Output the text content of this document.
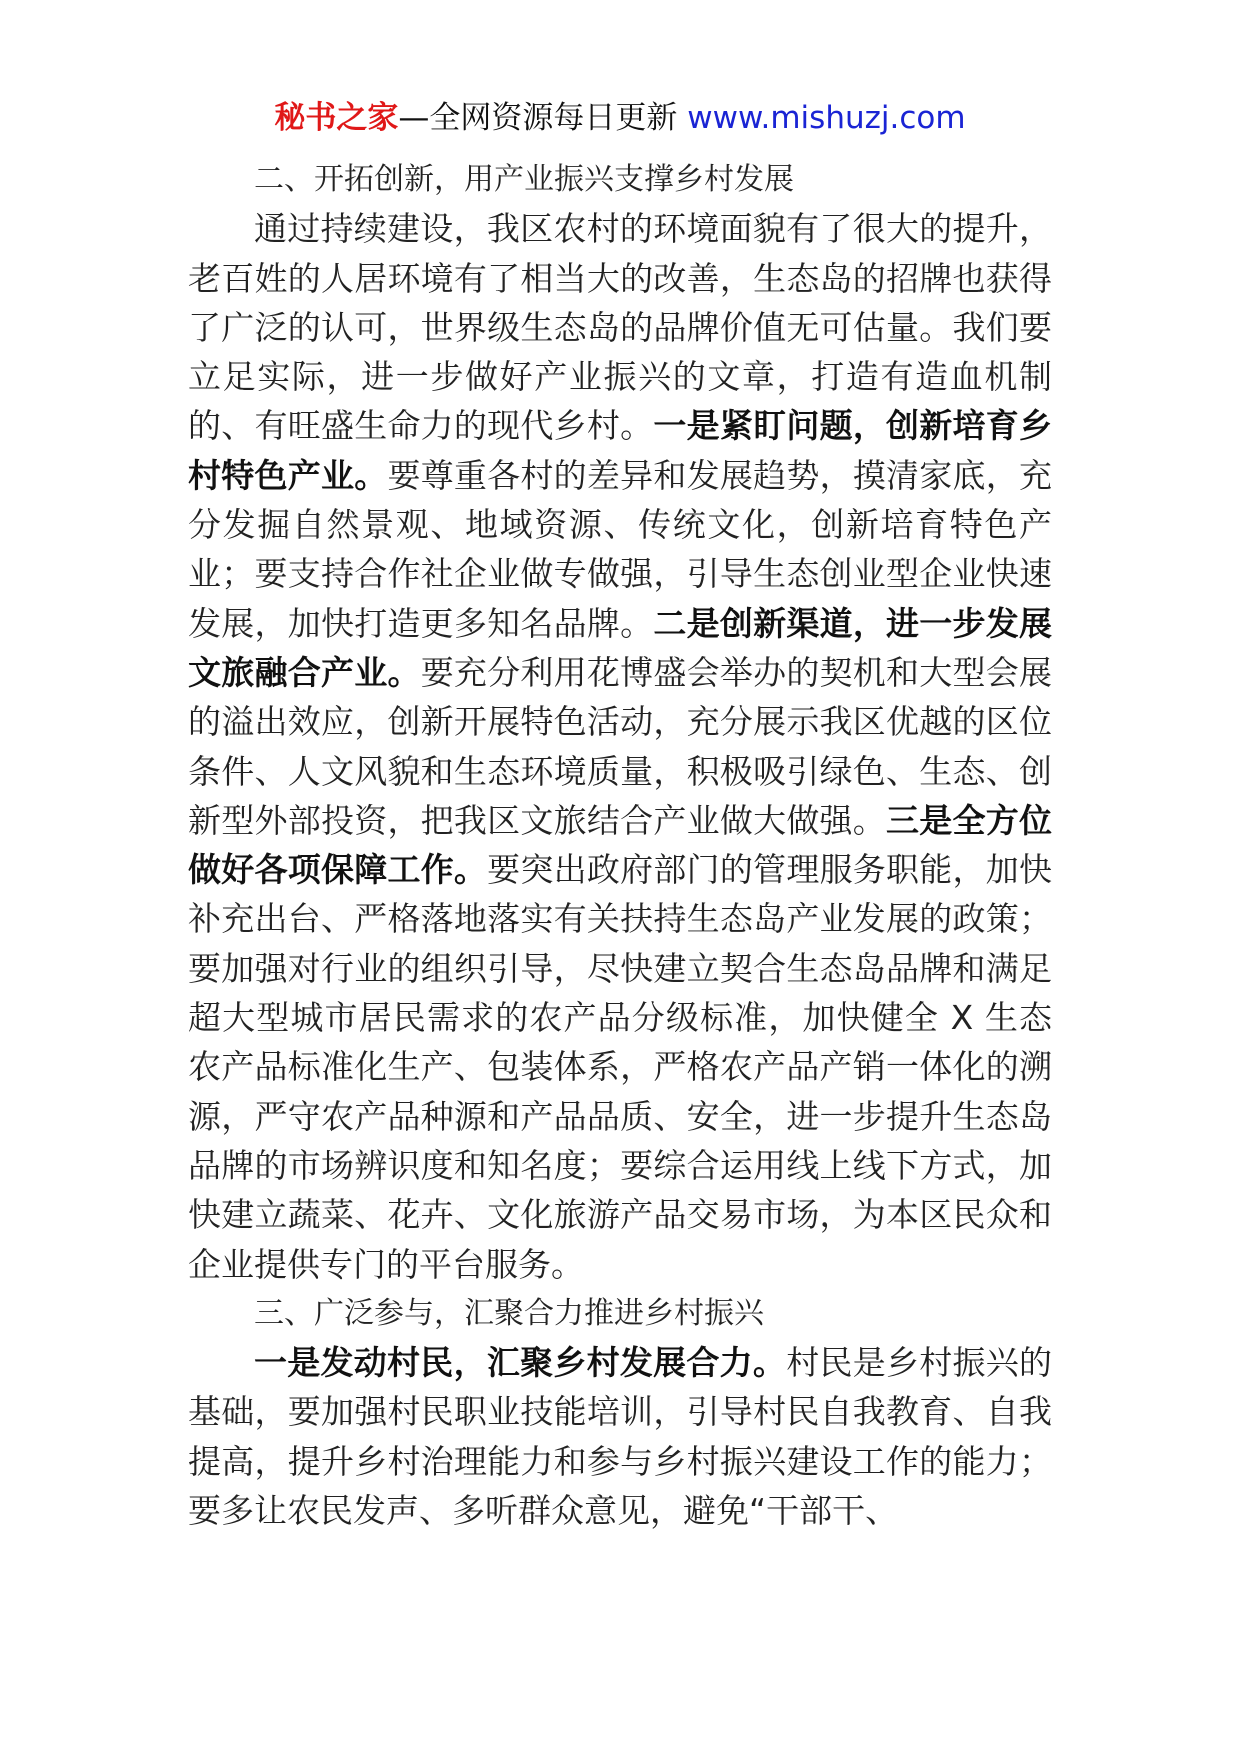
秘书之家—全网资源每日更新 www.mishuzj.com

二、开拓创新，用产业振兴支撑乡村发展

通过持续建设，我区农村的环境面貌有了很大的提升，老百姓的人居环境有了相当大的改善，生态岛的招牌也获得了广泛的认可，世界级生态岛的品牌价值无可估量。我们要立足实际，进一步做好产业振兴的文章，打造有造血机制的、有旺盛生命力的现代乡村。一是紧盯问题，创新培育乡村特色产业。要尊重各村的差异和发展趋势，摸清家底，充分发掘自然景观、地域资源、传统文化，创新培育特色产业；要支持合作社企业做专做强，引导生态创业型企业快速发展，加快打造更多知名品牌。二是创新渠道，进一步发展文旅融合产业。要充分利用花博盛会举办的契机和大型会展的溢出效应，创新开展特色活动，充分展示我区优越的区位条件、人文风貌和生态环境质量，积极吸引绿色、生态、创新型外部投资，把我区文旅结合产业做大做强。三是全方位做好各项保障工作。要突出政府部门的管理服务职能，加快补充出台、严格落地落实有关扶持生态岛产业发展的政策；要加强对行业的组织引导，尽快建立契合生态岛品牌和满足超大型城市居民需求的农产品分级标准，加快健全 X 生态农产品标准化生产、包装体系，严格农产品产销一体化的溯源，严守农产品种源和产品品质、安全，进一步提升生态岛品牌的市场辨识度和知名度；要综合运用线上线下方式，加快建立蔬菜、花卉、文化旅游产品交易市场，为本区民众和企业提供专门的平台服务。

三、广泛参与，汇聚合力推进乡村振兴

一是发动村民，汇聚乡村发展合力。村民是乡村振兴的基础，要加强村民职业技能培训，引导村民自我教育、自我提高，提升乡村治理能力和参与乡村振兴建设工作的能力；要多让农民发声、多听群众意见，避免“干部干、
